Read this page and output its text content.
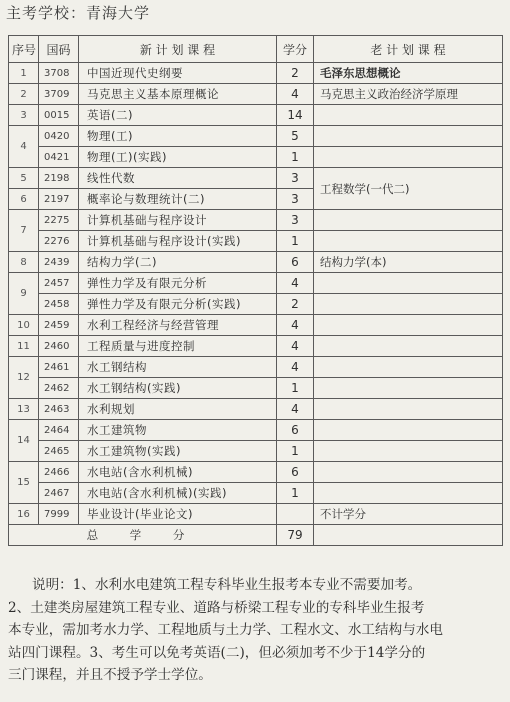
主考学校：青海大学
序号	国码	新 计 划 课 程	学分	老 计 划 课 程
1	3708	中国近现代史纲要	2	毛泽东思想概论
2	3709	马克思主义基本原理概论	4	马克思主义政治经济学原理
3	0015	英语(二)	14	
4	0420	物理(工)	5	
	0421	物理(工)(实践)	1	
5	2198	线性代数	3	工程数学(一代二)
6	2197	概率论与数理统计(二)	3	
7	2275	计算机基础与程序设计	3	
	2276	计算机基础与程序设计(实践)	1	
8	2439	结构力学(二)	6	结构力学(本)
9	2457	弹性力学及有限元分析	4	
	2458	弹性力学及有限元分析(实践)	2	
10	2459	水利工程经济与经营管理	4	
11	2460	工程质量与进度控制	4	
12	2461	水工钢结构	4	
	2462	水工钢结构(实践)	1	
13	2463	水利规划	4	
14	2464	水工建筑物	6	
	2465	水工建筑物(实践)	1	
15	2466	水电站(含水利机械)	6	
	2467	水电站(含水利机械)(实践)	1	
16	7999	毕业设计(毕业论文)		不计学分
总 学 分			79	
说明：1、水利水电建筑工程专科毕业生报考本专业不需要加考。
2、土建类房屋建筑工程专业、道路与桥梁工程专业的专科毕业生报考
本专业，需加考水力学、工程地质与土力学、工程水文、水工结构与水电
站四门课程。3、考生可以免考英语(二)，但必须加考不少于14学分的
三门课程，并且不授予学士学位。
